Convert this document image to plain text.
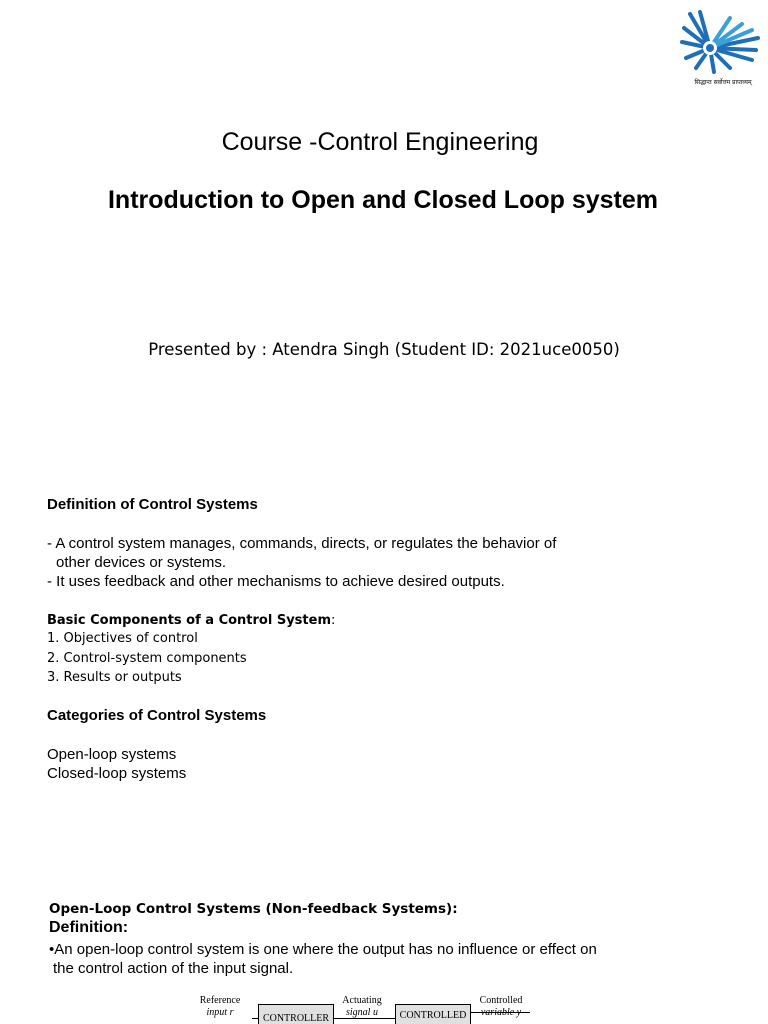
सिद्धान्त सर्वोत्तम प्राप्तव्यम्
Course -Control Engineering
Introduction to Open and Closed Loop system
Presented by : Atendra Singh (Student ID: 2021uce0050)
Definition of Control Systems
- A control system manages, commands, directs, or regulates the behavior of

other devices or systems.
- It uses feedback and other mechanisms to achieve desired outputs.
Basic Components of a Control System:
1. Objectives of control
2. Control-system components
3. Results or outputs
Categories of Control Systems
Open-loop systems
Closed-loop systems
Open-Loop Control Systems (Non-feedback Systems):
Definition:
•An open-loop control system is one where the output has no influence or effect on
the control action of the input signal.
Reference
input r
CONTROLLER
Actuating
signal u	CONTROLLED
Controlled
variable y
